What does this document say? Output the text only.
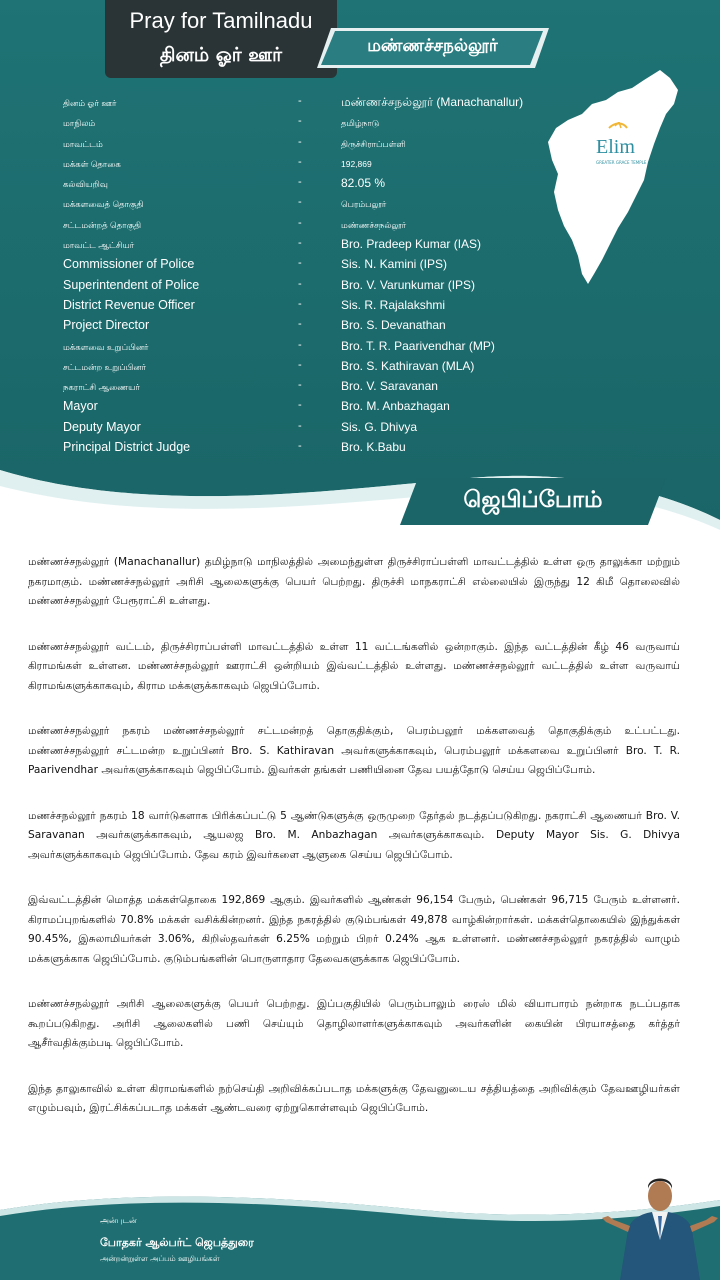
Pray for Tamilnadu
தினம் ஓர் ஊர்	மண்ணச்சநல்லூர்
தினம் ஓர் ஊர்	-	மண்ணச்சநல்லூர் (Manachanallur)
மாநிலம்	-	தமிழ்நாடு
மாவட்டம்	-	திருச்சிராப்பள்ளி
மக்கள் தொகை	-	192,869
கல்வியறிவு	-	82.05 %
மக்களவைத் தொகுதி	-	பெரம்பலூர்
சட்டமன்றத் தொகுதி	-	மண்ணச்சநல்லூர்
மாவட்ட ஆட்சியர்	-	Bro. Pradeep Kumar (IAS)
Commissioner of Police	-	Sis. N. Kamini (IPS)
Superintendent of Police	-	Bro. V. Varunkumar (IPS)
District Revenue Officer	-	Sis. R. Rajalakshmi
Project Director	-	Bro. S. Devanathan
மக்களவை உறுப்பினர்	-	Bro. T. R. Paarivendhar (MP)
சட்டமன்ற உறுப்பினர்	-	Bro. S. Kathiravan (MLA)
நகராட்சி ஆணையர்	-	Bro. V. Saravanan
Mayor	-	Bro. M. Anbazhagan
Deputy Mayor	-	Sis. G. Dhivya
Principal District Judge	-	Bro. K.Babu
Elim
GREATER GRACE TEMPLE
ஜெபிப்போம்

மண்ணச்சநல்லூர் (Manachanallur) தமிழ்நாடு மாநிலத்தில் அமைந்துள்ள திருச்சிராப்பள்ளி மாவட்டத்தில் உள்ள ஒரு தாலுக்கா மற்றும் நகரமாகும். மண்ணச்சநல்லூர் அரிசி ஆலைகளுக்கு பெயர் பெற்றது. திருச்சி மாநகராட்சி எல்லையில் இருந்து 12 கிமீ தொலைவில் மண்ணச்சநல்லூர் பேரூராட்சி உள்ளது.

மண்ணச்சநல்லூர் வட்டம், திருச்சிராப்பள்ளி மாவட்டத்தில் உள்ள 11 வட்டங்களில் ஒன்றாகும். இந்த வட்டத்தின் கீழ் 46 வருவாய் கிராமங்கள் உள்ளன. மண்ணச்சநல்லூர் ஊராட்சி ஒன்றியம் இவ்வட்டத்தில் உள்ளது. மண்ணச்சநல்லூர் வட்டத்தில் உள்ள வருவாய் கிராமங்களுக்காகவும், கிராம மக்களுக்காகவும் ஜெபிப்போம்.

மண்ணச்சநல்லூர் நகரம் மண்ணச்சநல்லூர் சட்டமன்றத் தொகுதிக்கும், பெரம்பலூர் மக்களவைத் தொகுதிக்கும் உட்பட்டது. மண்ணச்சநல்லூர் சட்டமன்ற உறுப்பினர் Bro. S. Kathiravan அவர்களுக்காகவும், பெரம்பலூர் மக்களவை உறுப்பினர் Bro. T. R. Paarivendhar அவர்களுக்காகவும் ஜெபிப்போம். இவர்கள் தங்கள் பணியினை தேவ பயத்தோடு செய்ய ஜெபிப்போம்.

மணச்சநல்லூர் நகரம் 18 வார்டுகளாக பிரிக்கப்பட்டு 5 ஆண்டுகளுக்கு ஒருமுறை தேர்தல் நடத்தப்படுகிறது. நகராட்சி ஆணையர் Bro. V. Saravanan அவர்களுக்காகவும், ஆயலஜ Bro. M. Anbazhagan அவர்களுக்காகவும். Deputy Mayor Sis. G. Dhivya அவர்களுக்காகவும் ஜெபிப்போம். தேவ கரம் இவர்களை ஆளுகை செய்ய ஜெபிப்போம்.

இவ்வட்டத்தின் மொத்த மக்கள்தொகை 192,869 ஆகும். இவர்களில் ஆண்கள் 96,154 பேரும், பெண்கள் 96,715 பேரும் உள்ளனர். கிராமப்புறங்களில் 70.8% மக்கள் வசிக்கின்றனர். இந்த நகரத்தில் குடும்பங்கள் 49,878 வாழ்கின்றார்கள். மக்கள்தொகையில் இந்துக்கள் 90.45%, இசுலாமியர்கள் 3.06%, கிறிஸ்தவர்கள் 6.25% மற்றும் பிறர் 0.24% ஆக உள்ளனர். மண்ணச்சநல்லூர் நகரத்தில் வாழும் மக்களுக்காக ஜெபிப்போம். குடும்பங்களின் பொருளாதார தேவைகளுக்காக ஜெபிப்போம்.

மண்ணச்சநல்லூர் அரிசி ஆலைகளுக்கு பெயர் பெற்றது. இப்பகுதியில் பெரும்பாலும் ரைஸ் மில் வியாபாரம் நன்றாக நடப்பதாக கூறப்படுகிறது. அரிசி ஆலைகளில் பணி செய்யும் தொழிலாளர்களுக்காகவும் அவர்களின் கையின் பிரயாசத்தை கர்த்தர் ஆசீர்வதிக்கும்படி ஜெபிப்போம்.

இந்த தாலுகாவில் உள்ள கிராமங்களில் நற்செய்தி அறிவிக்கப்படாத மக்களுக்கு தேவனுடைய சத்தியத்தை அறிவிக்கும் தேவஊழியர்கள் எழும்பவும், இரட்சிக்கப்படாத மக்கள் ஆண்டவரை ஏற்றுகொள்ளவும் ஜெபிப்போம்.

அன்புடன்
போதகர் ஆல்பர்ட் ஜெபத்துரை
அன்றன்றுள்ள அப்பம் ஊழியங்கள்
